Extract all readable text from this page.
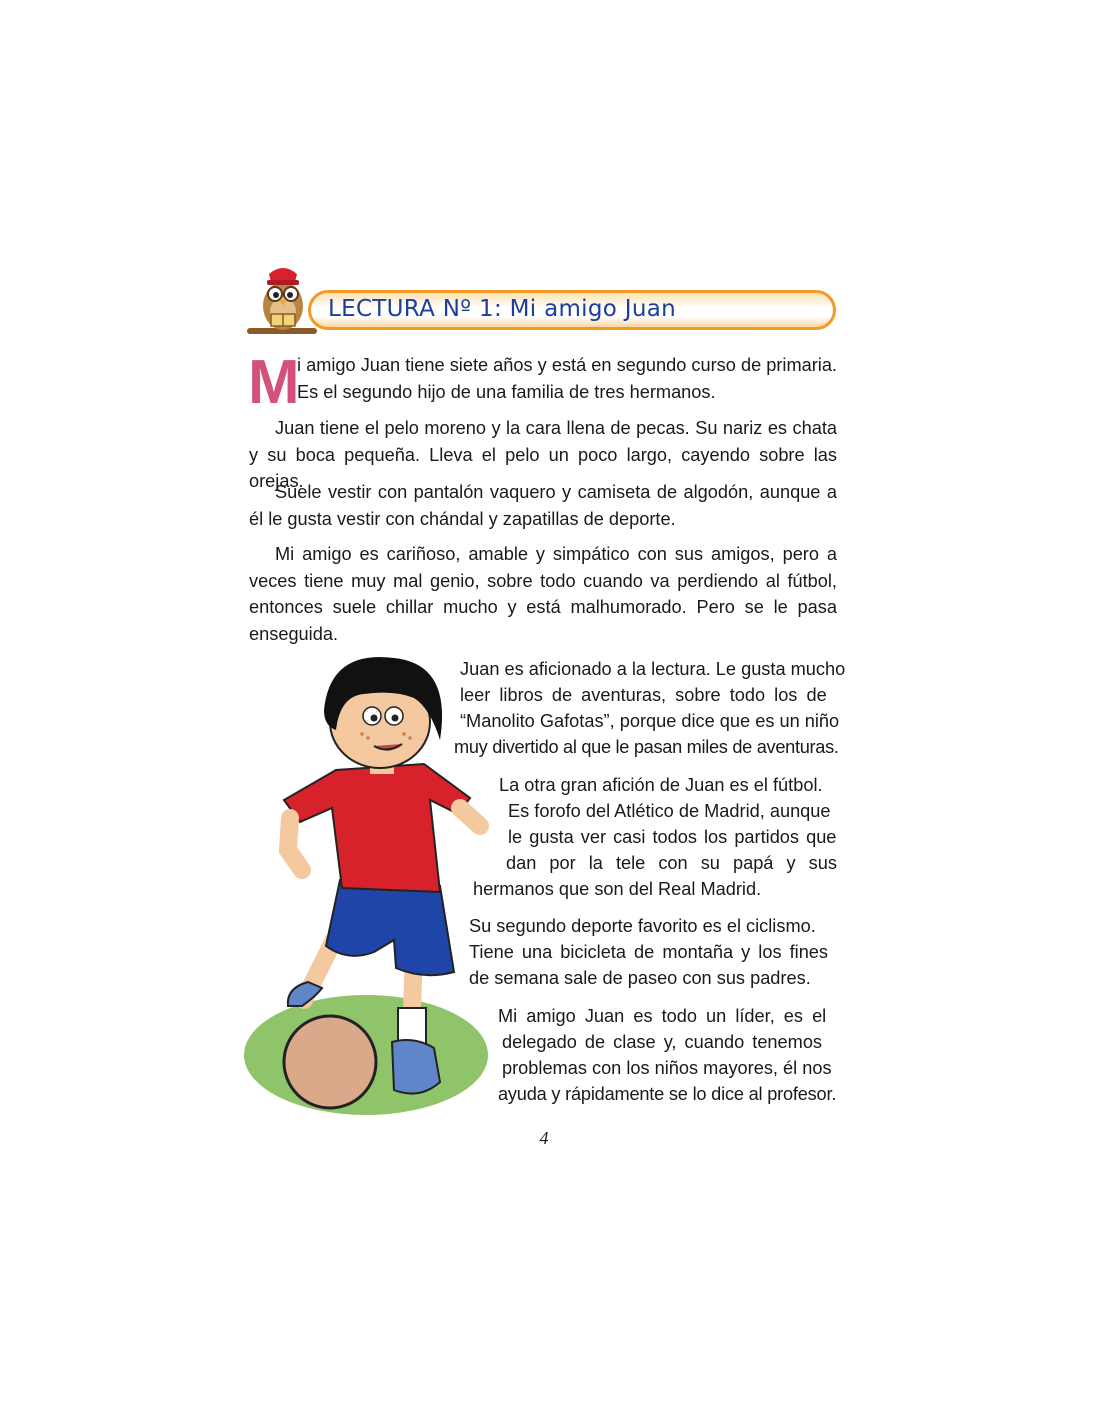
LECTURA Nº 1: Mi amigo Juan
M
i amigo Juan tiene siete años y está en segundo curso de primaria. Es el segundo hijo de una familia de tres hermanos.
Juan tiene el pelo moreno y la cara llena de pecas. Su nariz es chata y su boca pequeña. Lleva el pelo un poco largo, cayendo sobre las orejas.
Suele vestir con pantalón vaquero y camiseta de algodón, aunque a él le gusta vestir con chándal y zapatillas de deporte.
Mi amigo es cariñoso, amable y simpático con sus amigos, pero a veces tiene muy mal genio, sobre todo cuando va perdiendo al fútbol, entonces suele chillar mucho y está malhumorado. Pero se le pasa enseguida.
Juan es aficionado a la lectura. Le gusta mucho
leer libros de aventuras, sobre todo los de
“Manolito Gafotas”, porque dice que es un niño
muy divertido al que le pasan miles de aventuras.
La otra gran afición de Juan es el fútbol.
Es forofo del Atlético de Madrid, aunque
le gusta ver casi todos los partidos que
dan por la tele con su papá y sus
hermanos que son del Real Madrid.
Su segundo deporte favorito es el ciclismo.
Tiene una bicicleta de montaña y los fines
de semana sale de paseo con sus padres.
Mi amigo Juan es todo un líder, es el
delegado de clase y, cuando tenemos
problemas con los niños mayores, él nos
ayuda y rápidamente se lo dice al profesor.
4
